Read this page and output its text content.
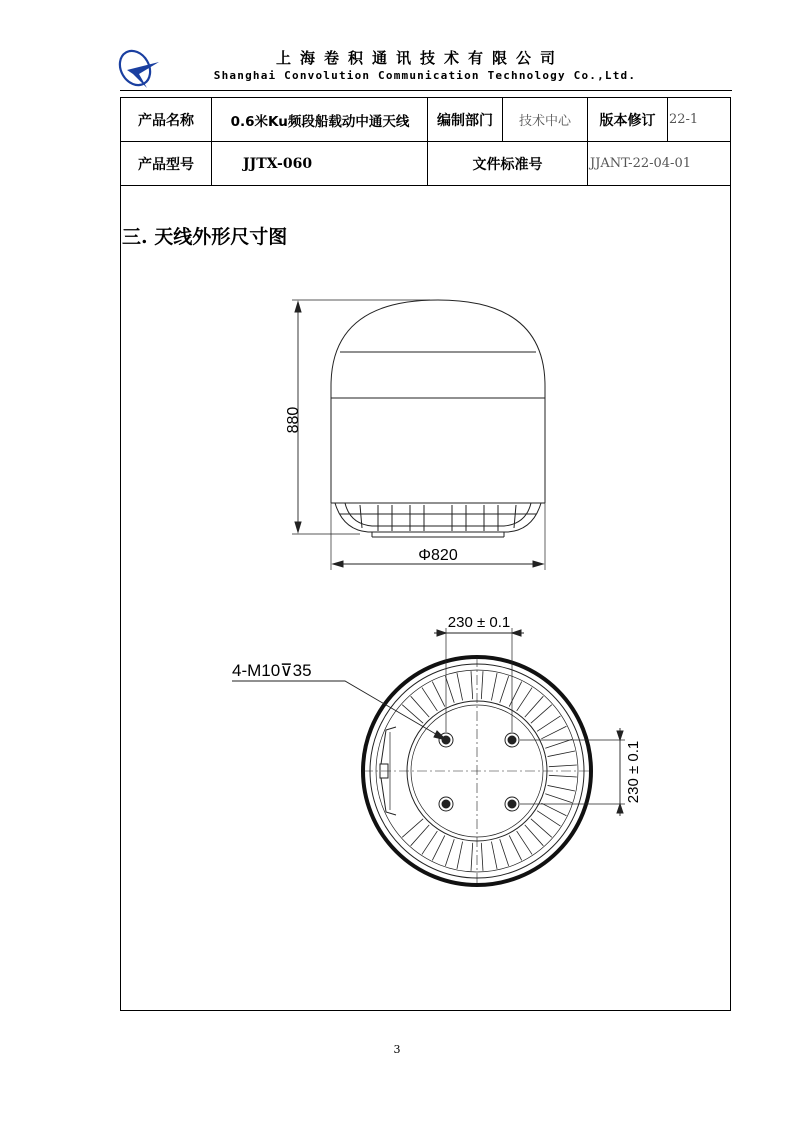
上海卷积通讯技术有限公司
Shanghai Convolution Communication Technology Co.,Ltd.
产品名称	0.6米Ku频段船载动中通天线	编制部门	技术中心	版本修订	22-1
产品型号	JJTX-060	文件标准号	JJANT-22-04-01
三. 天线外形尺寸图
880
Φ820
230 ± 0.1
230 ± 0.1
4-M10⊽35
3
